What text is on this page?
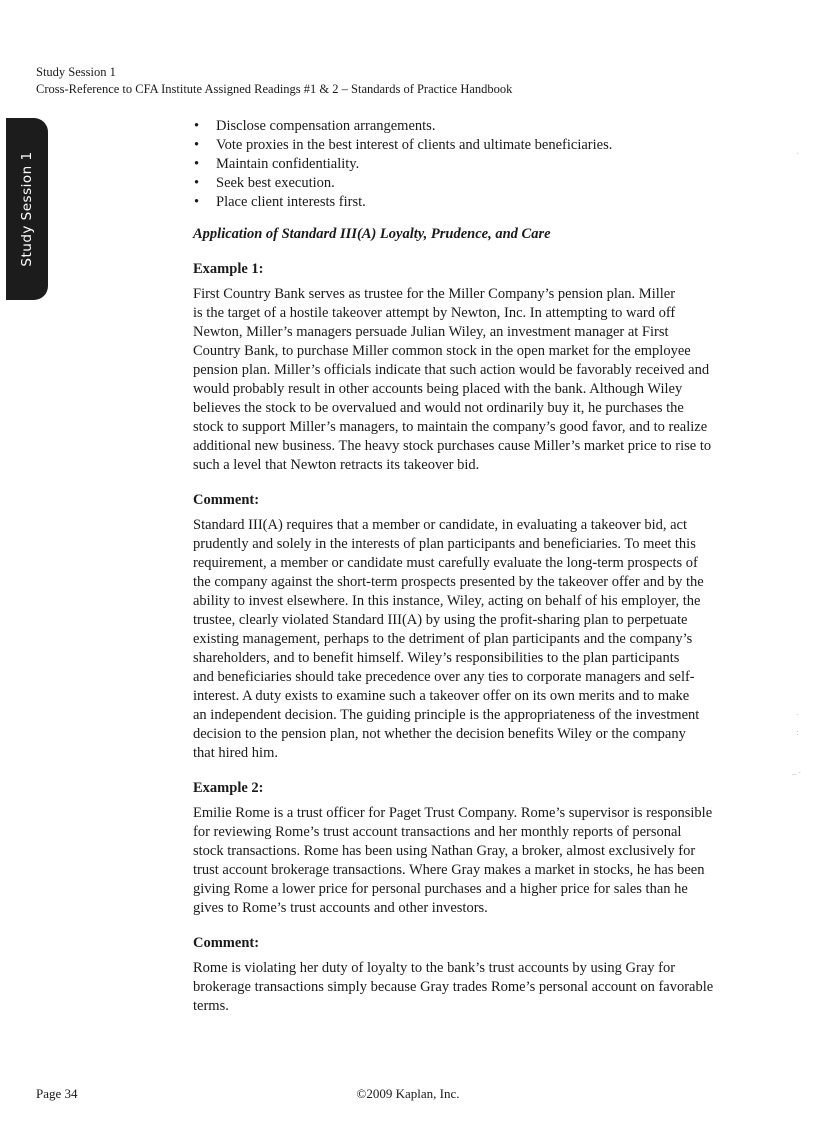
Study Session 1
Cross-Reference to CFA Institute Assigned Readings #1 & 2 – Standards of Practice Handbook
Study Session 1
• Disclose compensation arrangements.
• Vote proxies in the best interest of clients and ultimate beneficiaries.
• Maintain confidentiality.
• Seek best execution.
• Place client interests first.
Application of Standard III(A) Loyalty, Prudence, and Care
Example 1:

First Country Bank serves as trustee for the Miller Company’s pension plan. Miller
is the target of a hostile takeover attempt by Newton, Inc. In attempting to ward off
Newton, Miller’s managers persuade Julian Wiley, an investment manager at First
Country Bank, to purchase Miller common stock in the open market for the employee
pension plan. Miller’s officials indicate that such action would be favorably received and
would probably result in other accounts being placed with the bank. Although Wiley
believes the stock to be overvalued and would not ordinarily buy it, he purchases the
stock to support Miller’s managers, to maintain the company’s good favor, and to realize
additional new business. The heavy stock purchases cause Miller’s market price to rise to
such a level that Newton retracts its takeover bid.

Comment:

Standard III(A) requires that a member or candidate, in evaluating a takeover bid, act
prudently and solely in the interests of plan participants and beneficiaries. To meet this
requirement, a member or candidate must carefully evaluate the long-term prospects of
the company against the short-term prospects presented by the takeover offer and by the
ability to invest elsewhere. In this instance, Wiley, acting on behalf of his employer, the
trustee, clearly violated Standard III(A) by using the profit-sharing plan to perpetuate
existing management, perhaps to the detriment of plan participants and the company’s
shareholders, and to benefit himself. Wiley’s responsibilities to the plan participants
and beneficiaries should take precedence over any ties to corporate managers and self-
interest. A duty exists to examine such a takeover offer on its own merits and to make
an independent decision. The guiding principle is the appropriateness of the investment
decision to the pension plan, not whether the decision benefits Wiley or the company
that hired him.

Example 2:

Emilie Rome is a trust officer for Paget Trust Company. Rome’s supervisor is responsible
for reviewing Rome’s trust account transactions and her monthly reports of personal
stock transactions. Rome has been using Nathan Gray, a broker, almost exclusively for
trust account brokerage transactions. Where Gray makes a market in stocks, he has been
giving Rome a lower price for personal purchases and a higher price for sales than he
gives to Rome’s trust accounts and other investors.

Comment:

Rome is violating her duty of loyalty to the bank’s trust accounts by using Gray for
brokerage transactions simply because Gray trades Rome’s personal account on favorable
terms.

.
.
:
_ .
Page 34	©2009 Kaplan, Inc.
